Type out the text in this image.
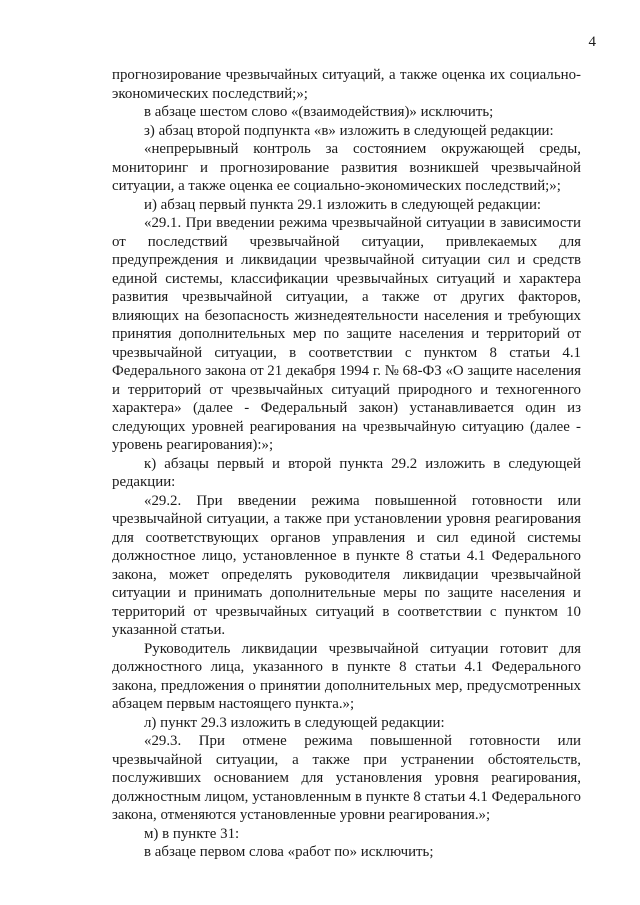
4

прогнозирование чрезвычайных ситуаций, а также оценка их социально-экономических последствий;»;

в абзаце шестом слово «(взаимодействия)» исключить;

з) абзац второй подпункта «в» изложить в следующей редакции:

«непрерывный контроль за состоянием окружающей среды, мониторинг и прогнозирование развития возникшей чрезвычайной ситуации, а также оценка ее социально-экономических последствий;»;

и) абзац первый пункта 29.1 изложить в следующей редакции:

«29.1. При введении режима чрезвычайной ситуации в зависимости от последствий чрезвычайной ситуации, привлекаемых для предупреждения и ликвидации чрезвычайной ситуации сил и средств единой системы, классификации чрезвычайных ситуаций и характера развития чрезвычайной ситуации, а также от других факторов, влияющих на безопасность жизнедеятельности населения и требующих принятия дополнительных мер по защите населения и территорий от чрезвычайной ситуации, в соответствии с пунктом 8 статьи 4.1 Федерального закона от 21 декабря 1994 г. № 68-ФЗ «О защите населения и территорий от чрезвычайных ситуаций природного и техногенного характера» (далее - Федеральный закон) устанавливается один из следующих уровней реагирования на чрезвычайную ситуацию (далее - уровень реагирования):»;

к) абзацы первый и второй пункта 29.2 изложить в следующей редакции:

«29.2. При введении режима повышенной готовности или чрезвычайной ситуации, а также при установлении уровня реагирования для соответствующих органов управления и сил единой системы должностное лицо, установленное в пункте 8 статьи 4.1 Федерального закона, может определять руководителя ликвидации чрезвычайной ситуации и принимать дополнительные меры по защите населения и территорий от чрезвычайных ситуаций в соответствии с пунктом 10 указанной статьи.

Руководитель ликвидации чрезвычайной ситуации готовит для должностного лица, указанного в пункте 8 статьи 4.1 Федерального закона, предложения о принятии дополнительных мер, предусмотренных абзацем первым настоящего пункта.»;

л) пункт 29.3 изложить в следующей редакции:

«29.3. При отмене режима повышенной готовности или чрезвычайной ситуации, а также при устранении обстоятельств, послуживших основанием для установления уровня реагирования, должностным лицом, установленным в пункте 8 статьи 4.1 Федерального закона, отменяются установленные уровни реагирования.»;

м) в пункте 31:

в абзаце первом слова «работ по» исключить;
